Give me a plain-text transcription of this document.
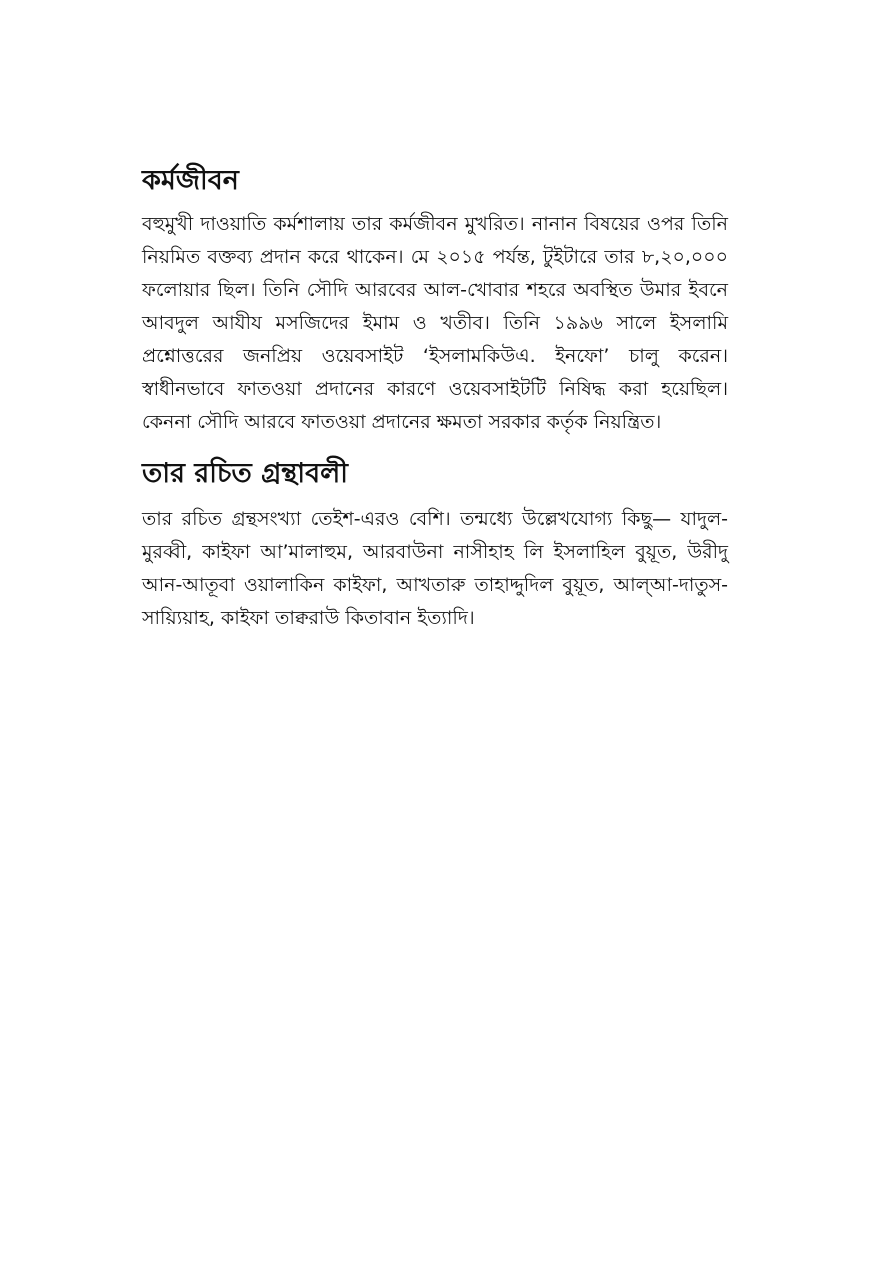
কর্মজীবন

বহুমুখী দাওয়াতি কর্মশালায় তার কর্মজীবন মুখরিত। নানান বিষয়ের ওপর তিনি নিয়মিত বক্তব্য প্রদান করে থাকেন। মে ২০১৫ পর্যন্ত, টুইটারে তার ৮,২০,০০০ ফলোয়ার ছিল। তিনি সৌদি আরবের আল-খোবার শহরে অবস্থিত উমার ইবনে আবদুল আযীয মসজিদের ইমাম ও খতীব। তিনি ১৯৯৬ সালে ইসলামি প্রশ্নোত্তরের জনপ্রিয় ওয়েবসাইট ‘ইসলামকিউএ. ইনফো’ চালু করেন। স্বাধীনভাবে ফাতওয়া প্রদানের কারণে ওয়েবসাইটটি নিষিদ্ধ করা হয়েছিল। কেননা সৌদি আরবে ফাতওয়া প্রদানের ক্ষমতা সরকার কর্তৃক নিয়ন্ত্রিত।

তার রচিত গ্রন্থাবলী

তার রচিত গ্রন্থসংখ্যা তেইশ-এরও বেশি। তন্মধ্যে উল্লেখযোগ্য কিছু— যাদুল-মুরব্বী, কাইফা আ’মালাহুম, আরবাউনা নাসীহাহ লি ইসলাহিল বুয়ূত, উরীদু আন-আতূবা ওয়ালাকিন কাইফা, আখতারু তাহাদ্দুদিল বুয়ূত, আল্আ-দাতুস-সায়্যিয়াহ, কাইফা তাক্বরাউ কিতাবান ইত্যাদি।
